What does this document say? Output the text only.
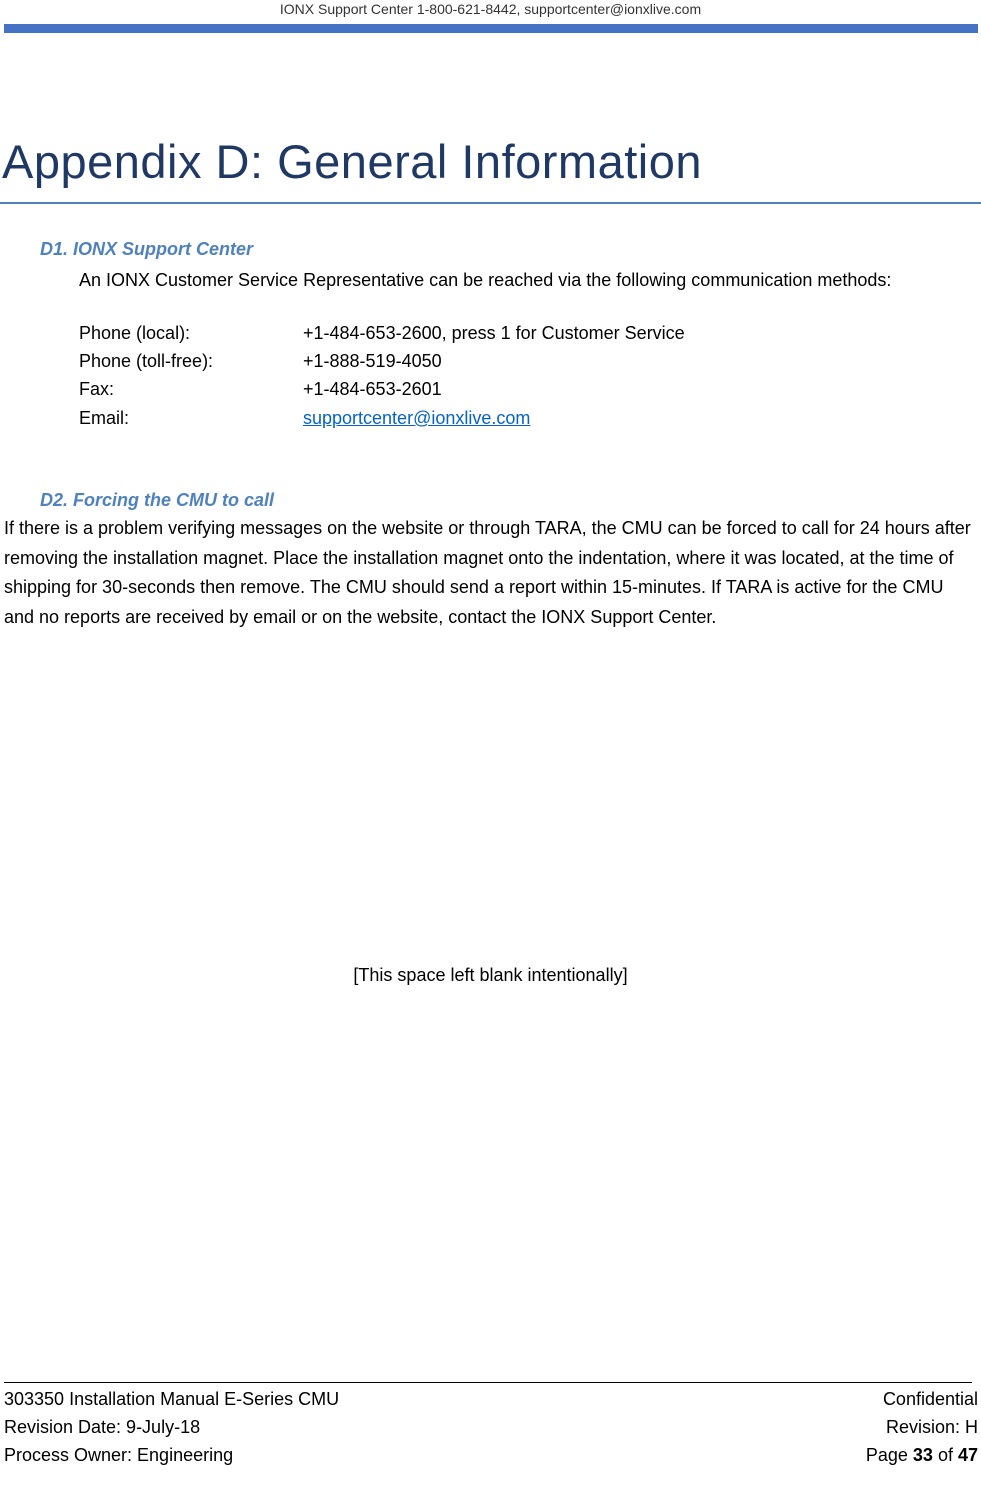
IONX Support Center 1-800-621-8442, supportcenter@ionxlive.com
Appendix D: General Information
D1. IONX Support Center
An IONX Customer Service Representative can be reached via the following communication methods:
Phone (local):	+1-484-653-2600, press 1 for Customer Service
Phone (toll-free):	+1-888-519-4050
Fax:	+1-484-653-2601
Email:	supportcenter@ionxlive.com
D2. Forcing the CMU to call
If there is a problem verifying messages on the website or through TARA, the CMU can be forced to call for 24 hours after removing the installation magnet. Place the installation magnet onto the indentation, where it was located, at the time of shipping for 30-seconds then remove. The CMU should send a report within 15-minutes. If TARA is active for the CMU and no reports are received by email or on the website, contact the IONX Support Center.
[This space left blank intentionally]
303350 Installation Manual E-Series CMU	Confidential
Revision Date: 9-July-18	Revision: H
Process Owner: Engineering	Page 33 of 47
